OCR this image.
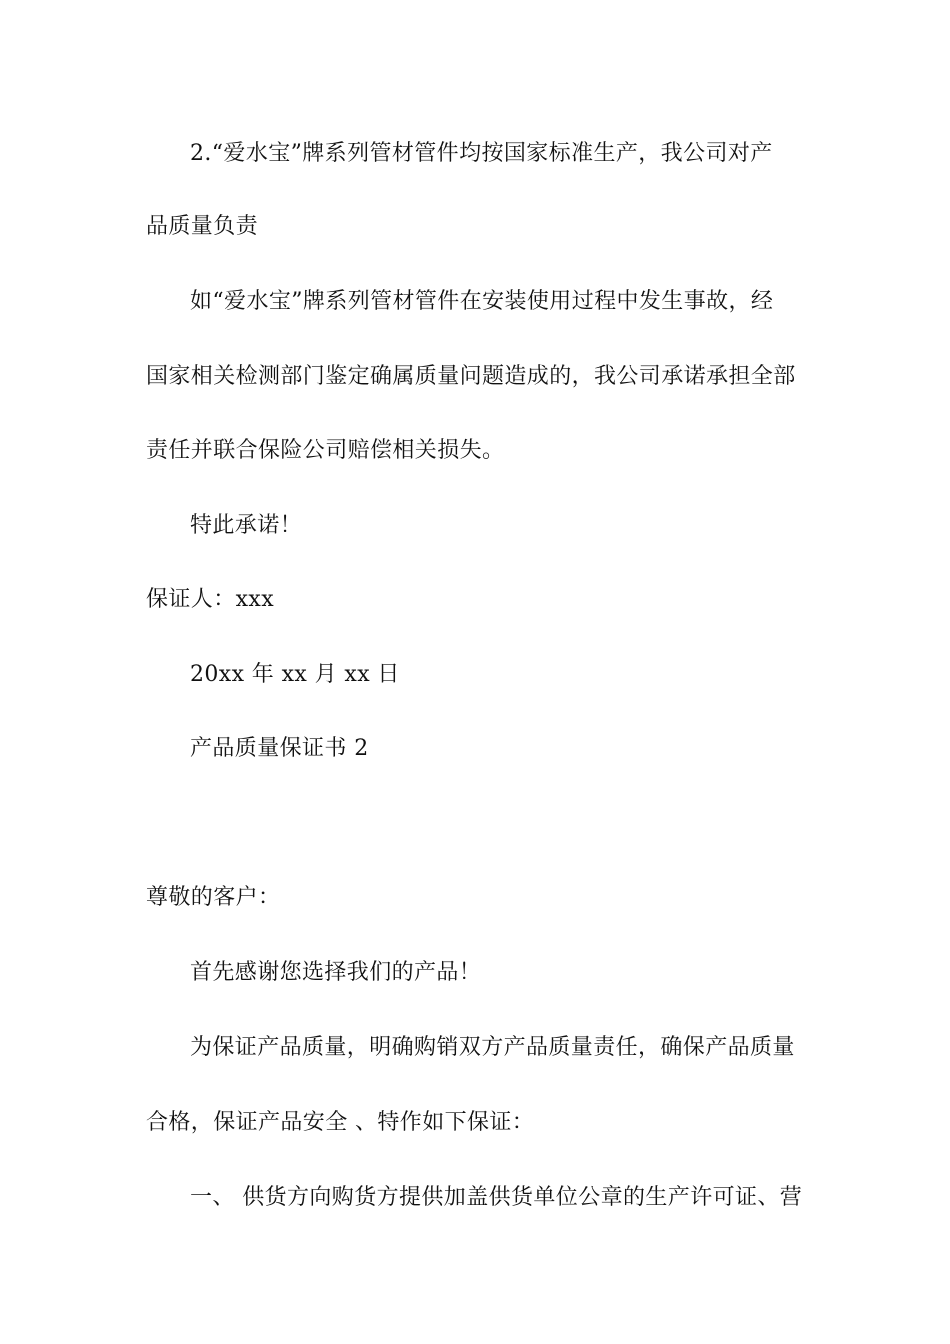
2.“爱水宝”牌系列管材管件均按国家标准生产，我公司对产
品质量负责
如“爱水宝”牌系列管材管件在安装使用过程中发生事故，经
国家相关检测部门鉴定确属质量问题造成的，我公司承诺承担全部
责任并联合保险公司赔偿相关损失。
特此承诺！
保证人：xxx
20xx 年 xx 月 xx 日
产品质量保证书 2
尊敬的客户：
首先感谢您选择我们的产品！
为保证产品质量，明确购销双方产品质量责任，确保产品质量
合格，保证产品安全 、特作如下保证：
一、 供货方向购货方提供加盖供货单位公章的生产许可证、营
